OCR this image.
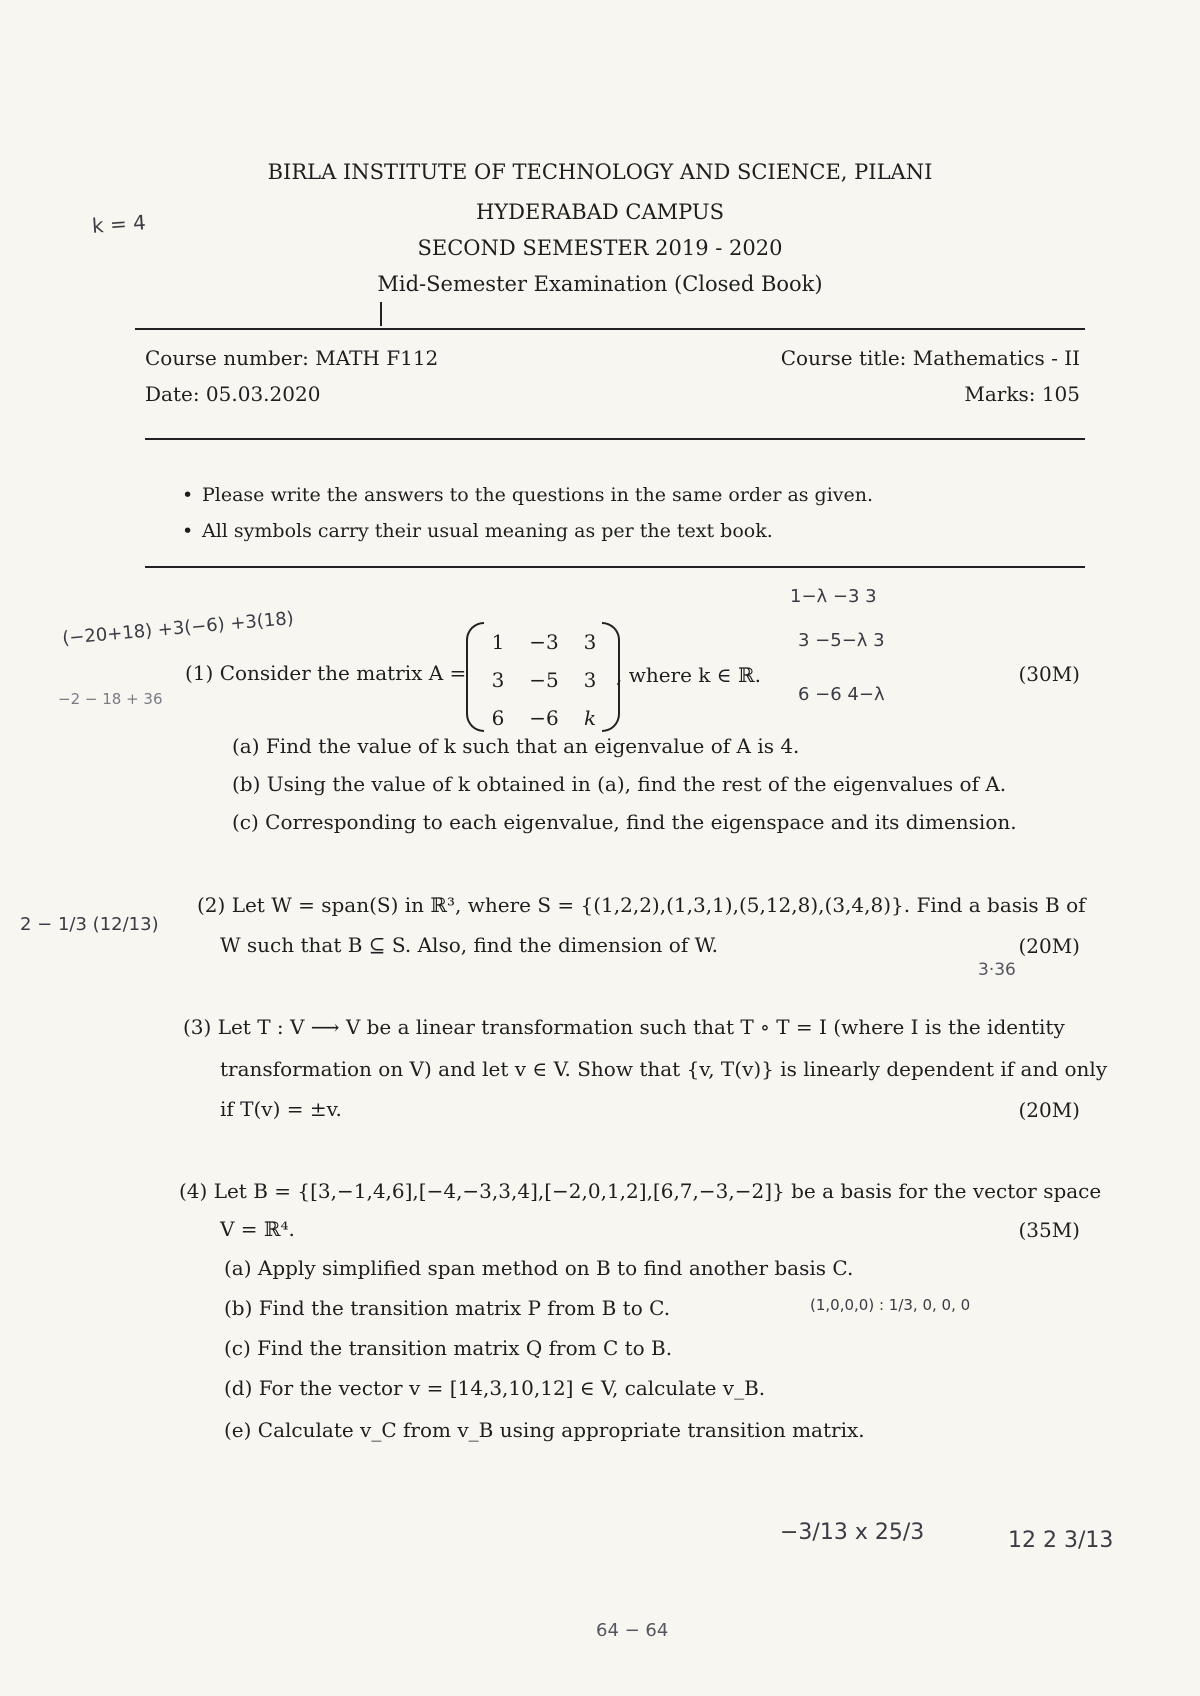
BIRLA INSTITUTE OF TECHNOLOGY AND SCIENCE, PILANI
HYDERABAD CAMPUS
SECOND SEMESTER 2019 - 2020
Mid-Semester Examination (Closed Book)
Course number: MATH F112	Course title: Mathematics - II
Date: 05.03.2020	Marks: 105
• Please write the answers to the questions in the same order as given.
• All symbols carry their usual meaning as per the text book.
(1) Consider the matrix A =
1	−3	3
3	−5	3
6	−6	k
, where k ∈ ℝ.	(30M)
(a) Find the value of k such that an eigenvalue of A is 4.
(b) Using the value of k obtained in (a), find the rest of the eigenvalues of A.
(c) Corresponding to each eigenvalue, find the eigenspace and its dimension.
(2) Let W = span(S) in ℝ³, where S = {(1,2,2),(1,3,1),(5,12,8),(3,4,8)}. Find a basis B of
W such that B ⊆ S. Also, find the dimension of W.	(20M)
(3) Let T : V ⟶ V be a linear transformation such that T ∘ T = I (where I is the identity
transformation on V) and let v ∈ V. Show that {v, T(v)} is linearly dependent if and only
if T(v) = ±v.	(20M)
(4) Let B = {[3,−1,4,6],[−4,−3,3,4],[−2,0,1,2],[6,7,−3,−2]} be a basis for the vector space
V = ℝ⁴.	(35M)
(a) Apply simplified span method on B to find another basis C.
(b) Find the transition matrix P from B to C.
(c) Find the transition matrix Q from C to B.
(d) For the vector v = [14,3,10,12] ∈ V, calculate v_B.
(e) Calculate v_C from v_B using appropriate transition matrix.
k = 4
(−20+18) +3(−6) +3(18)
−2 − 18 + 36
1−λ −3 3
3 −5−λ 3
6 −6 4−λ
2 − 1/3 (12/13)
3·36
(1,0,0,0) : 1/3, 0, 0, 0
−3/13 x 25/3	12 2 3/13
64 − 64
